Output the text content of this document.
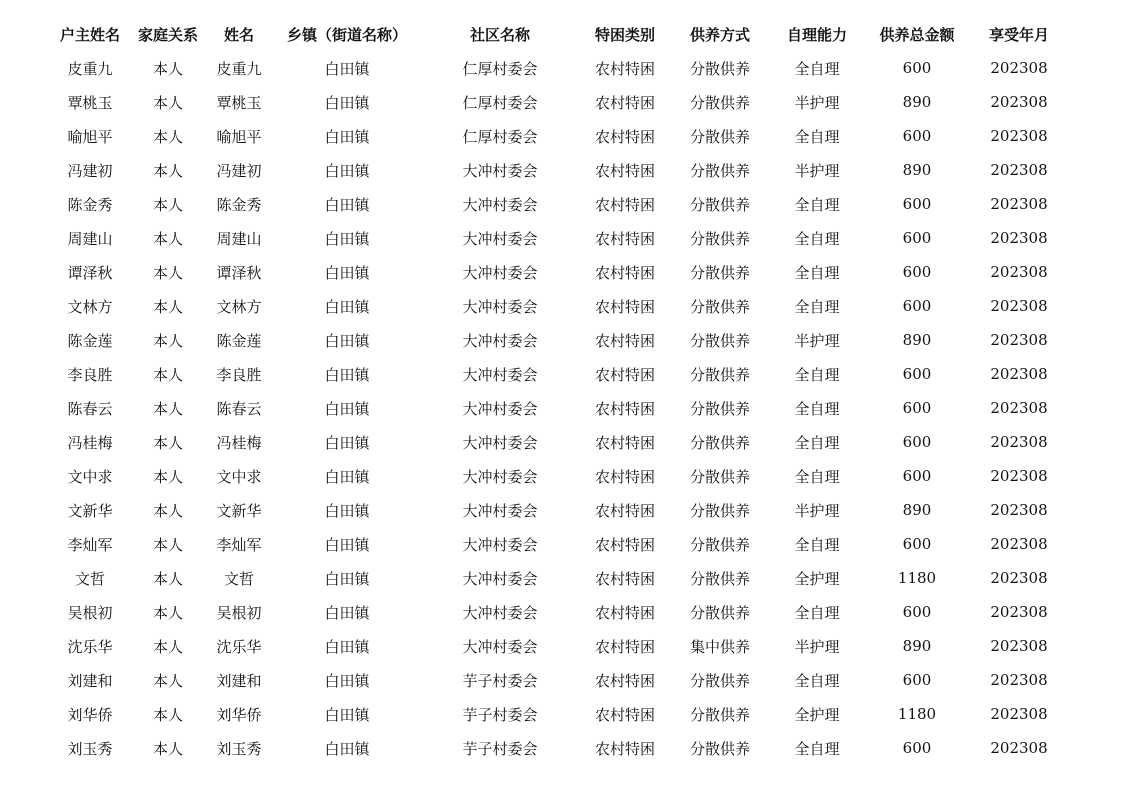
户主姓名	家庭关系	姓名	乡镇（街道名称）	社区名称	特困类别	供养方式	自理能力	供养总金额	享受年月
皮重九	本人	皮重九	白田镇	仁厚村委会	农村特困	分散供养	全自理	600	202308
覃桃玉	本人	覃桃玉	白田镇	仁厚村委会	农村特困	分散供养	半护理	890	202308
喻旭平	本人	喻旭平	白田镇	仁厚村委会	农村特困	分散供养	全自理	600	202308
冯建初	本人	冯建初	白田镇	大冲村委会	农村特困	分散供养	半护理	890	202308
陈金秀	本人	陈金秀	白田镇	大冲村委会	农村特困	分散供养	全自理	600	202308
周建山	本人	周建山	白田镇	大冲村委会	农村特困	分散供养	全自理	600	202308
谭泽秋	本人	谭泽秋	白田镇	大冲村委会	农村特困	分散供养	全自理	600	202308
文林方	本人	文林方	白田镇	大冲村委会	农村特困	分散供养	全自理	600	202308
陈金莲	本人	陈金莲	白田镇	大冲村委会	农村特困	分散供养	半护理	890	202308
李良胜	本人	李良胜	白田镇	大冲村委会	农村特困	分散供养	全自理	600	202308
陈春云	本人	陈春云	白田镇	大冲村委会	农村特困	分散供养	全自理	600	202308
冯桂梅	本人	冯桂梅	白田镇	大冲村委会	农村特困	分散供养	全自理	600	202308
文中求	本人	文中求	白田镇	大冲村委会	农村特困	分散供养	全自理	600	202308
文新华	本人	文新华	白田镇	大冲村委会	农村特困	分散供养	半护理	890	202308
李灿军	本人	李灿军	白田镇	大冲村委会	农村特困	分散供养	全自理	600	202308
文哲	本人	文哲	白田镇	大冲村委会	农村特困	分散供养	全护理	1180	202308
吴根初	本人	吴根初	白田镇	大冲村委会	农村特困	分散供养	全自理	600	202308
沈乐华	本人	沈乐华	白田镇	大冲村委会	农村特困	集中供养	半护理	890	202308
刘建和	本人	刘建和	白田镇	芋子村委会	农村特困	分散供养	全自理	600	202308
刘华侨	本人	刘华侨	白田镇	芋子村委会	农村特困	分散供养	全护理	1180	202308
刘玉秀	本人	刘玉秀	白田镇	芋子村委会	农村特困	分散供养	全自理	600	202308
